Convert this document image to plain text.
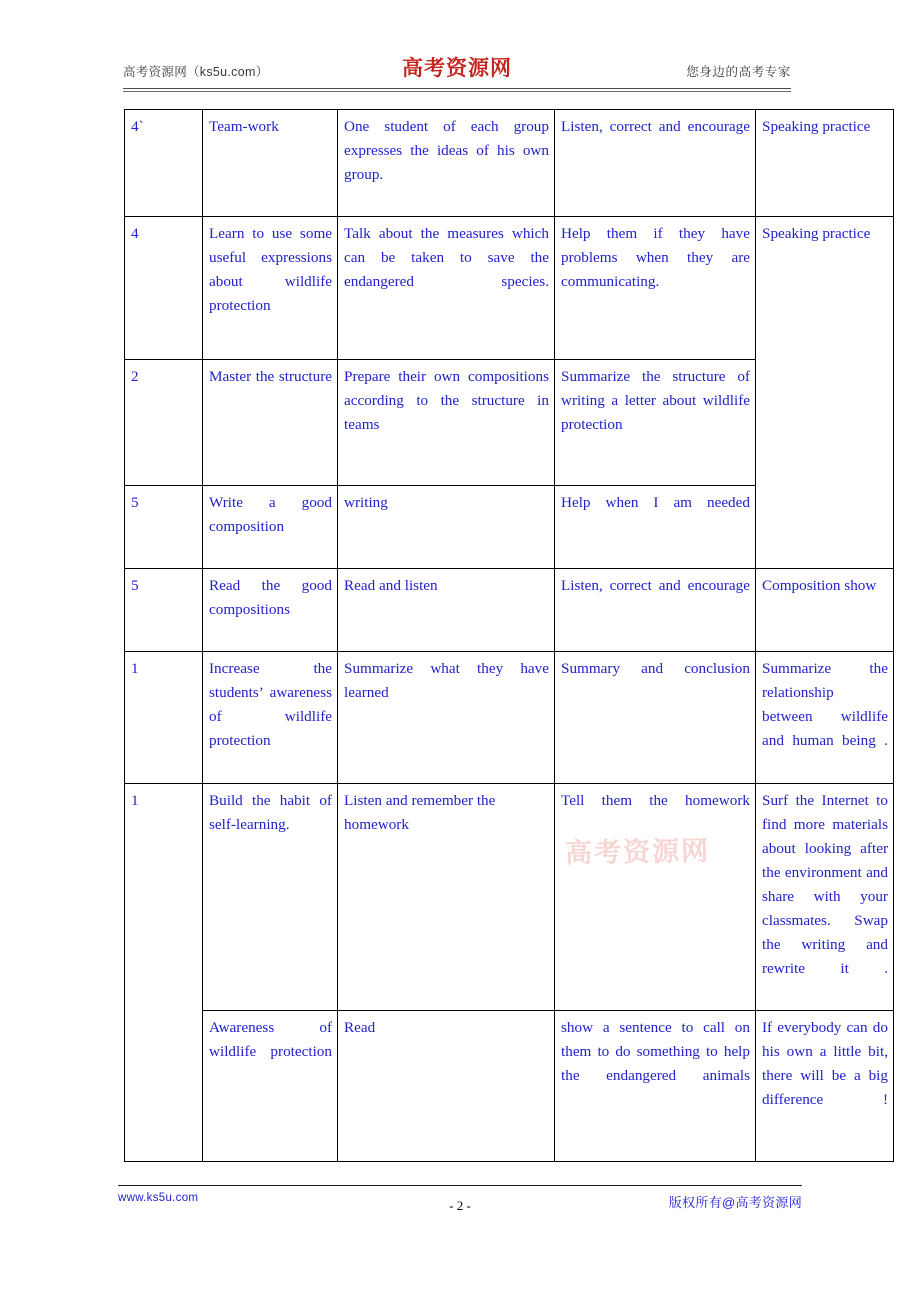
高考资源网（ks5u.com）	高考资源网	您身边的高考专家
高考资源网
4`	Team-work	One student of each group expresses the ideas of his own group.	Listen, correct and encourage	Speaking practice

4	Learn to use some useful expressions about wildlife protection	Talk about the measures which can be taken to save the endangered species.	Help them if they have problems when they are communicating.	Speaking practice

2	Master the structure	Prepare their own compositions according to the structure in teams	Summarize the structure of writing a letter about wildlife protection	

5	Write a good composition	writing	Help when I am needed	

5	Read the good compositions	Read and listen	Listen, correct and encourage	Composition show

1	Increase the students’ awareness of wildlife protection	Summarize what they have learned	Summary and conclusion	Summarize the relationship between wildlife and human being .

1	Build the habit of self-learning.	Listen and remember the homework	Tell them the homework	Surf the Internet to find more materials about looking after the environment and share with your classmates. Swap the writing and rewrite it .

	Awareness of wildlife protection	Read	show a sentence to call on them to do something to help the endangered animals	If everybody can do his own a little bit, there will be a big difference !
www.ks5u.com	- 2 -	版权所有@高考资源网
